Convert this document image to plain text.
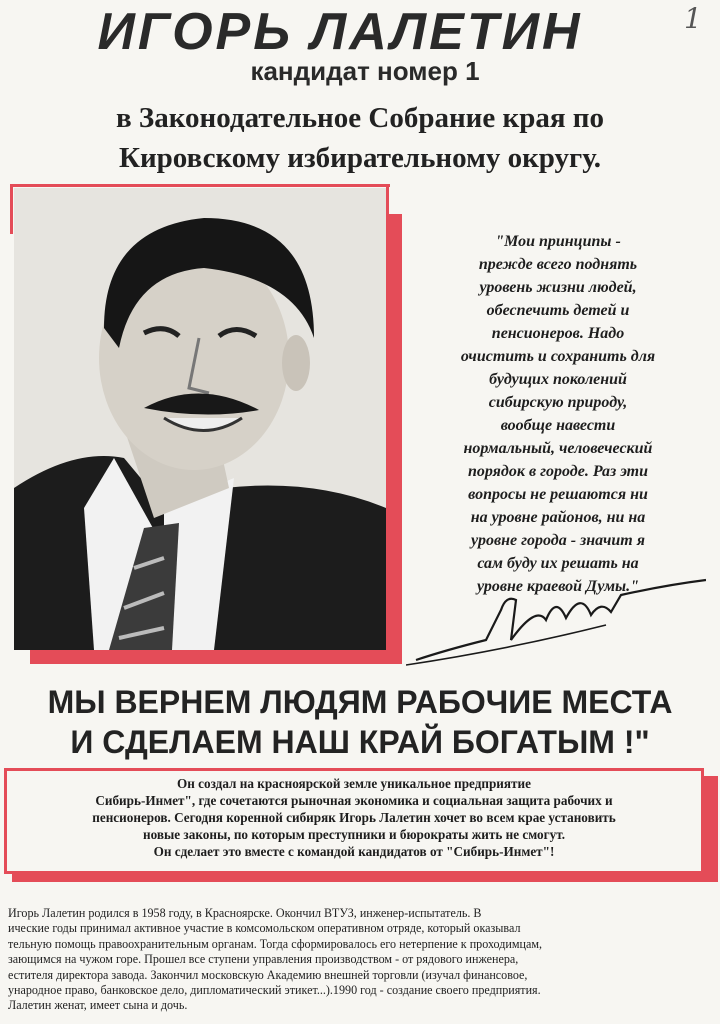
1
ИГОРЬ ЛАЛЕТИН
кандидат номер 1
в Законодательное Собрание края по
Кировскому избирательному округу.
"Мои принципы -
прежде всего поднять
уровень жизни людей,
обеспечить детей и
пенсионеров. Надо
очистить и сохранить для
будущих поколений
сибирскую природу,
вообще навести
нормальный, человеческий
порядок в городе. Раз эти
вопросы не решаются ни
на уровне районов, ни на
уровне города - значит я
сам буду их решать на
уровне краевой Думы."
МЫ ВЕРНЕМ ЛЮДЯМ РАБОЧИЕ МЕСТА
И СДЕЛАЕМ НАШ КРАЙ БОГАТЫМ !"
Он создал на красноярской земле уникальное предприятие
Сибирь-Инмет", где сочетаются рыночная экономика и социальная защита рабочих и
пенсионеров. Сегодня коренной сибиряк Игорь Лалетин хочет во всем крае установить
новые законы, по которым преступники и бюрократы жить не смогут.
Он сделает это вместе с командой кандидатов от "Сибирь-Инмет"!
Игорь Лалетин родился в 1958 году, в Красноярске. Окончил ВТУЗ, инженер-испытатель. В
ические годы принимал активное участие в комсомольском оперативном отряде, который оказывал
тельную помощь правоохранительным органам. Тогда сформировалось его нетерпение к проходимцам,
зающимся на чужом горе. Прошел все ступени управления производством - от рядового инженера,
естителя директора завода. Закончил московскую Академию внешней торговли (изучал финансовое,
ународное право, банковское дело, дипломатический этикет...).1990 год - создание своего предприятия.
Лалетин женат, имеет сына и дочь.
